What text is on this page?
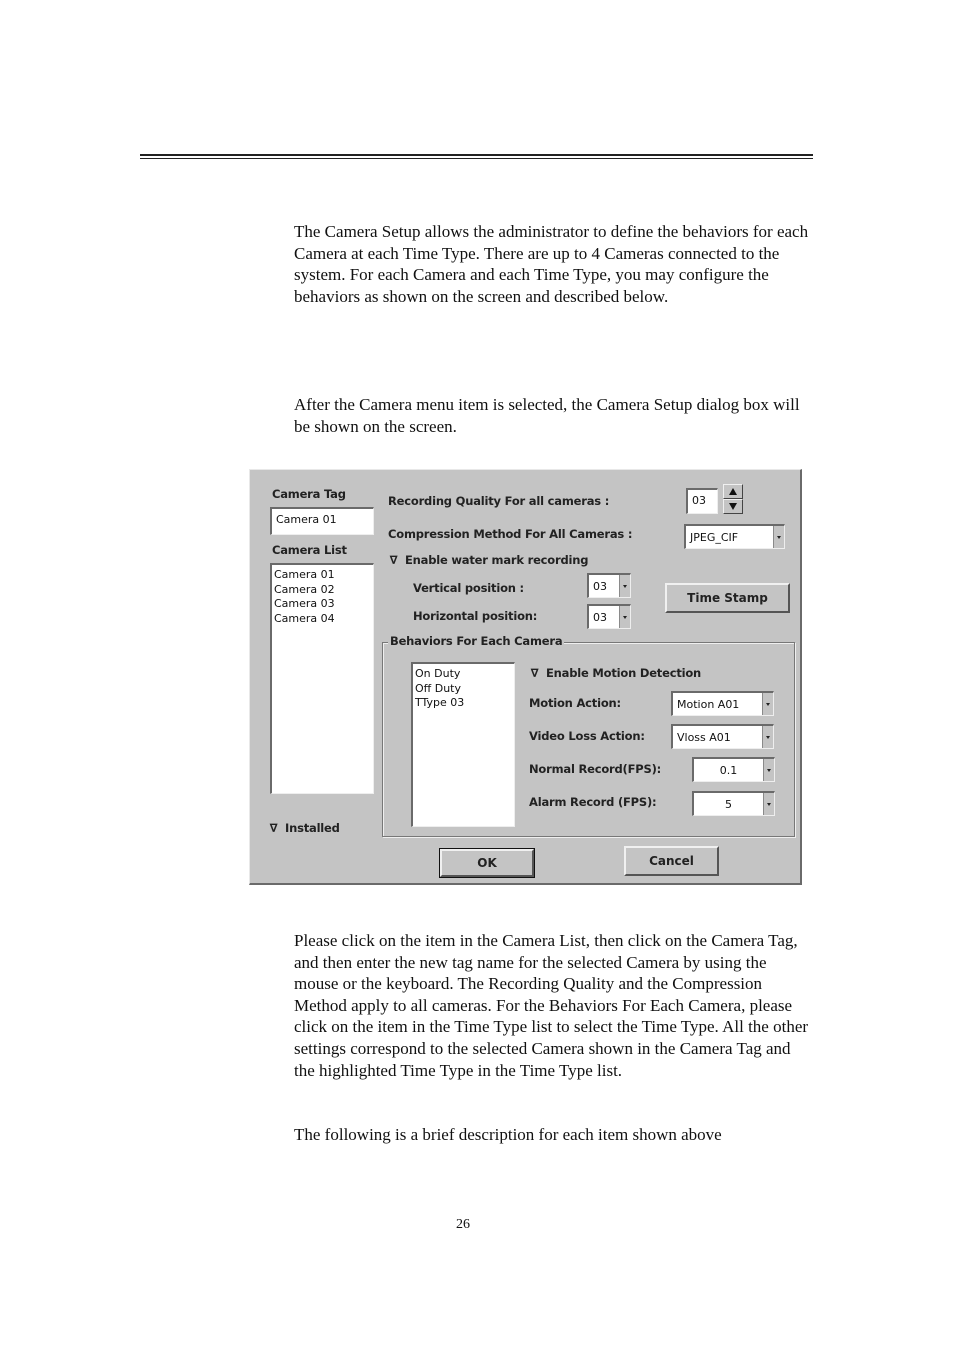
The Camera Setup allows the administrator to define the behaviors for each Camera at each Time Type. There are up to 4 Cameras connected to the system. For each Camera and each Time Type, you may configure the behaviors as shown on the screen and described below.

After the Camera menu item is selected, the Camera Setup dialog box will be shown on the screen.

Camera Tag
Camera 01
Camera List
Camera 01
Camera 02
Camera 03
Camera 04
∇ Installed
Recording Quality For all cameras :	03
Compression Method For All Cameras :	JPEG_CIF
∇ Enable water mark recording
Vertical position :	03
Horizontal position:	03
Time Stamp
Behaviors For Each Camera
On Duty
Off Duty
TType 03
∇ Enable Motion Detection
Motion Action:	Motion A01
Video Loss Action:	Vloss A01
Normal Record(FPS):	0.1
Alarm Record (FPS):	5
OK	Cancel

Please click on the item in the Camera List, then click on the Camera Tag, and then enter the new tag name for the selected Camera by using the mouse or the keyboard. The Recording Quality and the Compression Method apply to all cameras. For the Behaviors For Each Camera, please click on the item in the Time Type list to select the Time Type. All the other settings correspond to the selected Camera shown in the Camera Tag and the highlighted Time Type in the Time Type list.

The following is a brief description for each item shown above

26
